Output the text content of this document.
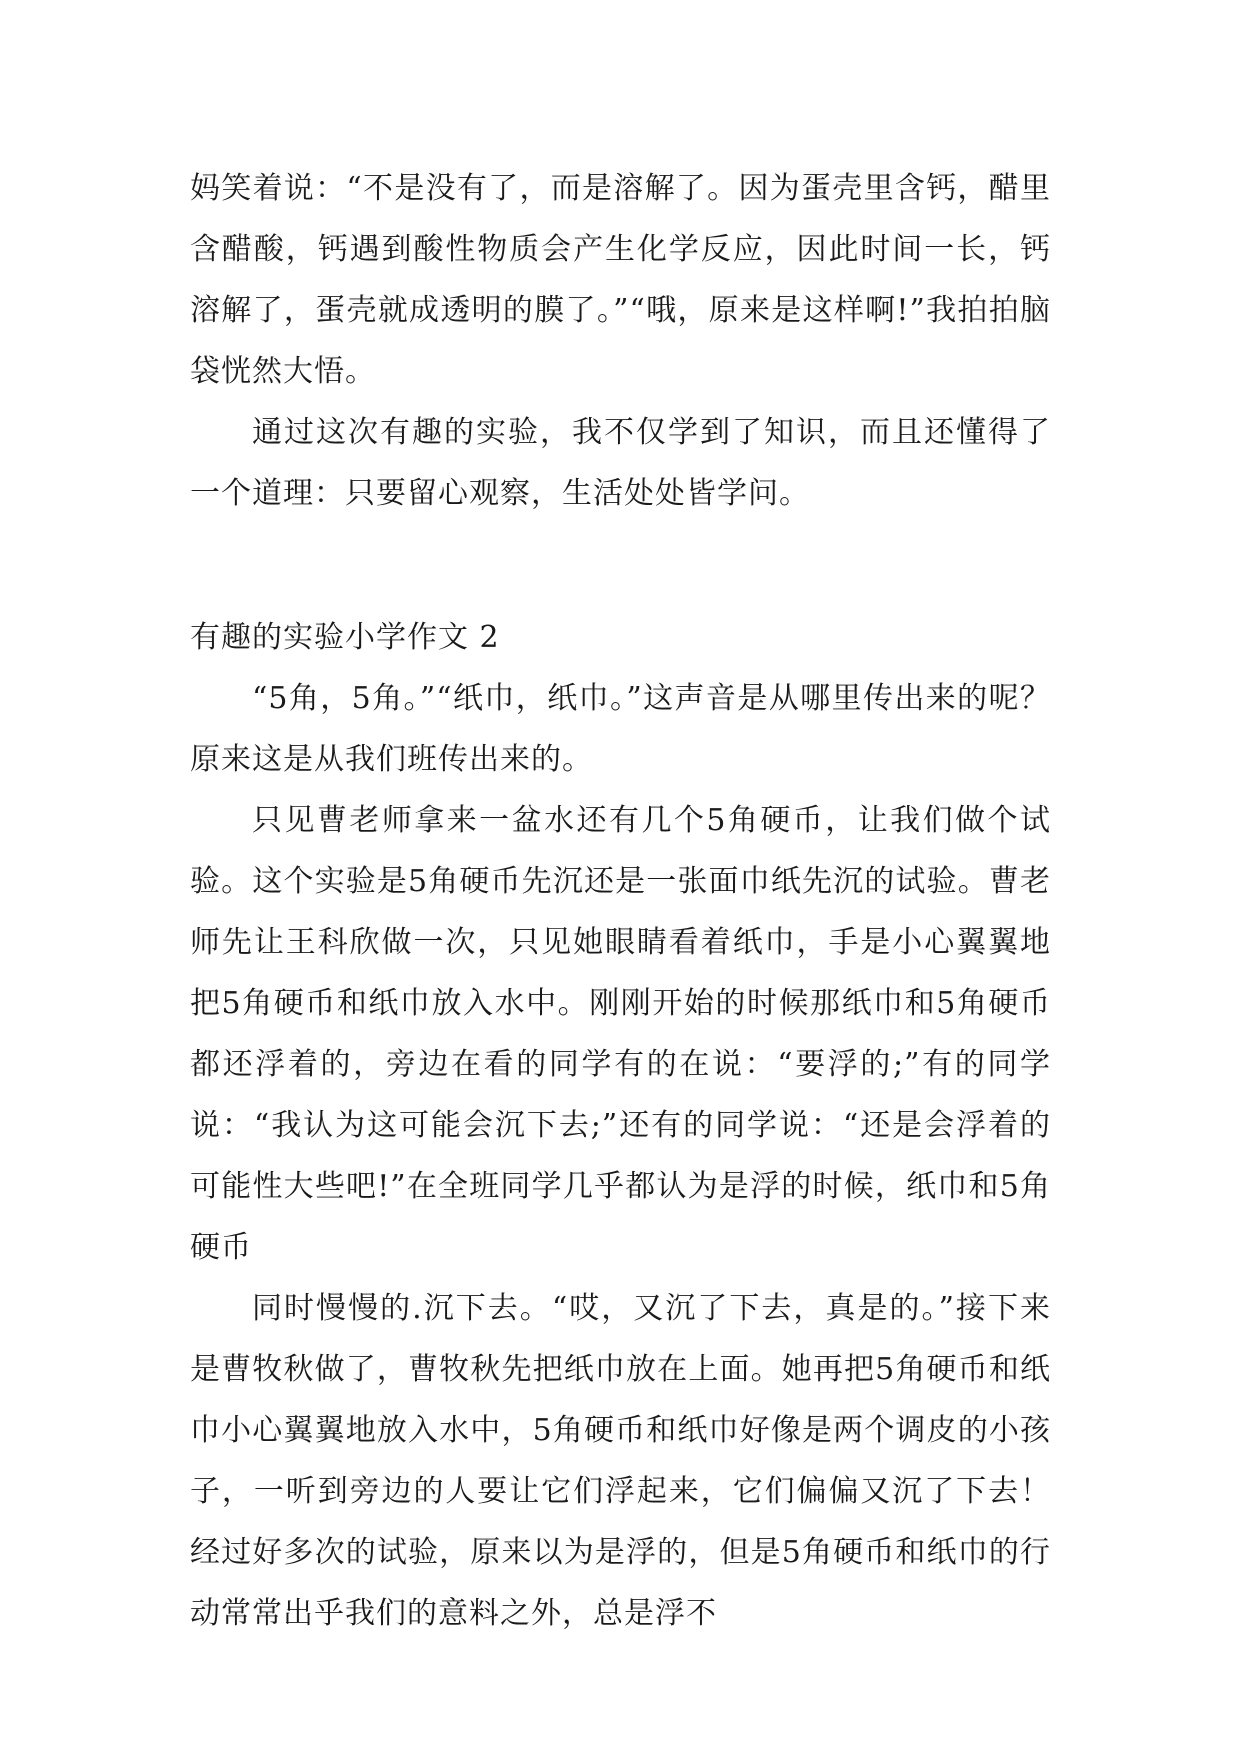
妈笑着说：“不是没有了，而是溶解了。因为蛋壳里含钙，醋里含醋酸，钙遇到酸性物质会产生化学反应，因此时间一长，钙溶解了，蛋壳就成透明的膜了。”“哦，原来是这样啊!”我拍拍脑袋恍然大悟。

通过这次有趣的实验，我不仅学到了知识，而且还懂得了一个道理：只要留心观察，生活处处皆学问。

有趣的实验小学作文 2

“5角，5角。”“纸巾，纸巾。”这声音是从哪里传出来的呢？原来这是从我们班传出来的。

只见曹老师拿来一盆水还有几个5角硬币，让我们做个试验。这个实验是5角硬币先沉还是一张面巾纸先沉的试验。曹老师先让王科欣做一次，只见她眼睛看着纸巾，手是小心翼翼地把5角硬币和纸巾放入水中。刚刚开始的时候那纸巾和5角硬币都还浮着的，旁边在看的同学有的在说：“要浮的;”有的同学说：“我认为这可能会沉下去;”还有的同学说：“还是会浮着的可能性大些吧!”在全班同学几乎都认为是浮的时候，纸巾和5角硬币

同时慢慢的.沉下去。“哎，又沉了下去，真是的。”接下来是曹牧秋做了，曹牧秋先把纸巾放在上面。她再把5角硬币和纸巾小心翼翼地放入水中，5角硬币和纸巾好像是两个调皮的小孩子，一听到旁边的人要让它们浮起来，它们偏偏又沉了下去！经过好多次的试验，原来以为是浮的，但是5角硬币和纸巾的行动常常出乎我们的意料之外，总是浮不
